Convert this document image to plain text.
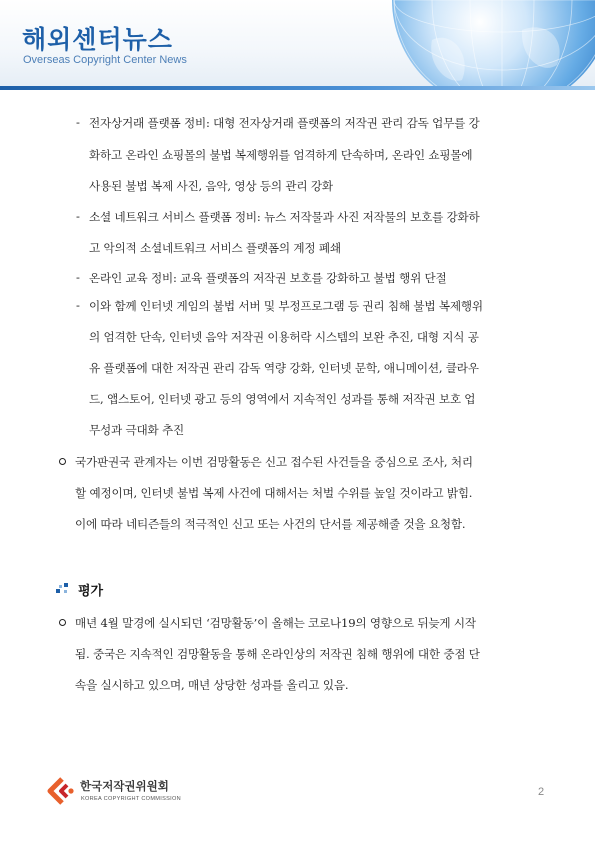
해외센터뉴스
Overseas Copyright Center News
- 전자상거래 플랫폼 정비: 대형 전자상거래 플랫폼의 저작권 관리 감독 업무를 강
화하고 온라인 쇼핑몰의 불법 복제행위를 엄격하게 단속하며, 온라인 쇼핑몰에
사용된 불법 복제 사진, 음악, 영상 등의 관리 강화
- 소셜 네트워크 서비스 플랫폼 정비: 뉴스 저작물과 사진 저작물의 보호를 강화하
고 악의적 소셜네트워크 서비스 플랫폼의 계정 폐쇄
- 온라인 교육 정비: 교육 플랫폼의 저작권 보호를 강화하고 불법 행위 단절
- 이와 함께 인터넷 게임의 불법 서버 및 부정프로그램 등 권리 침해 불법 복제행위
의 엄격한 단속, 인터넷 음악 저작권 이용허락 시스템의 보완 추진, 대형 지식 공
유 플랫폼에 대한 저작권 관리 감독 역량 강화, 인터넷 문학, 애니메이션, 클라우
드, 앱스토어, 인터넷 광고 등의 영역에서 지속적인 성과를 통해 저작권 보호 업
무성과 극대화 추진
국가판권국 관계자는 이번 검망활동은 신고 접수된 사건들을 중심으로 조사, 처리
할 예정이며, 인터넷 불법 복제 사건에 대해서는 처벌 수위를 높일 것이라고 밝힘.
이에 따라 네티즌들의 적극적인 신고 또는 사건의 단서를 제공해줄 것을 요청함.
평가
매년 4월 말경에 실시되던 ‘검망활동’이 올해는 코로나19의 영향으로 뒤늦게 시작
됨. 중국은 지속적인 검망활동을 통해 온라인상의 저작권 침해 행위에 대한 중점 단
속을 실시하고 있으며, 매년 상당한 성과를 올리고 있음.
한국저작권위원회
KOREA COPYRIGHT COMMISSION
2
